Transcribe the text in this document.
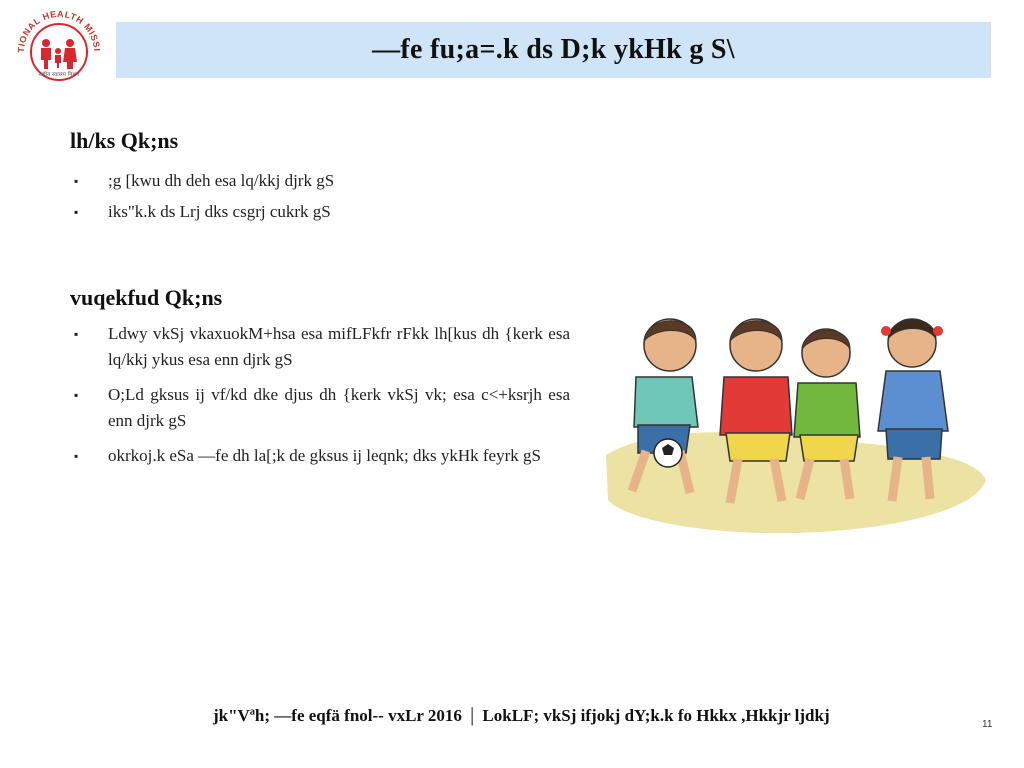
TIONAL HEALTH MISSI
राष्ट्रीय स्वास्थ्य मिशन
—fe fu;a=.k ds D;k ykHk g S\
lh/ks Qk;ns
▪ ;g [kwu dh deh esa lq/kkj djrk gS
▪ iks"k.k ds Lrj dks csgrj cukrk gS
vuqekfud Qk;ns
▪ Ldwy vkSj vkaxuokM+hsa esa mifLFkfr rFkk lh[kus dh {kerk esa lq/kkj ykus esa enn djrk gS
▪ O;Ld gksus ij vf/kd dke djus dh {kerk vkSj vk; esa c<+ksrjh esa enn djrk gS
▪ okrkoj.k eSa —fe dh la[;k de gksus ij leqnk; dks ykHk feyrk gS
jk"Vªh; —fe eqfä fnol-- vxLr 2016 | LokLF; vkSj ifjokj dY;k.k fo Hkkx ,Hkkjr ljdkj	11
